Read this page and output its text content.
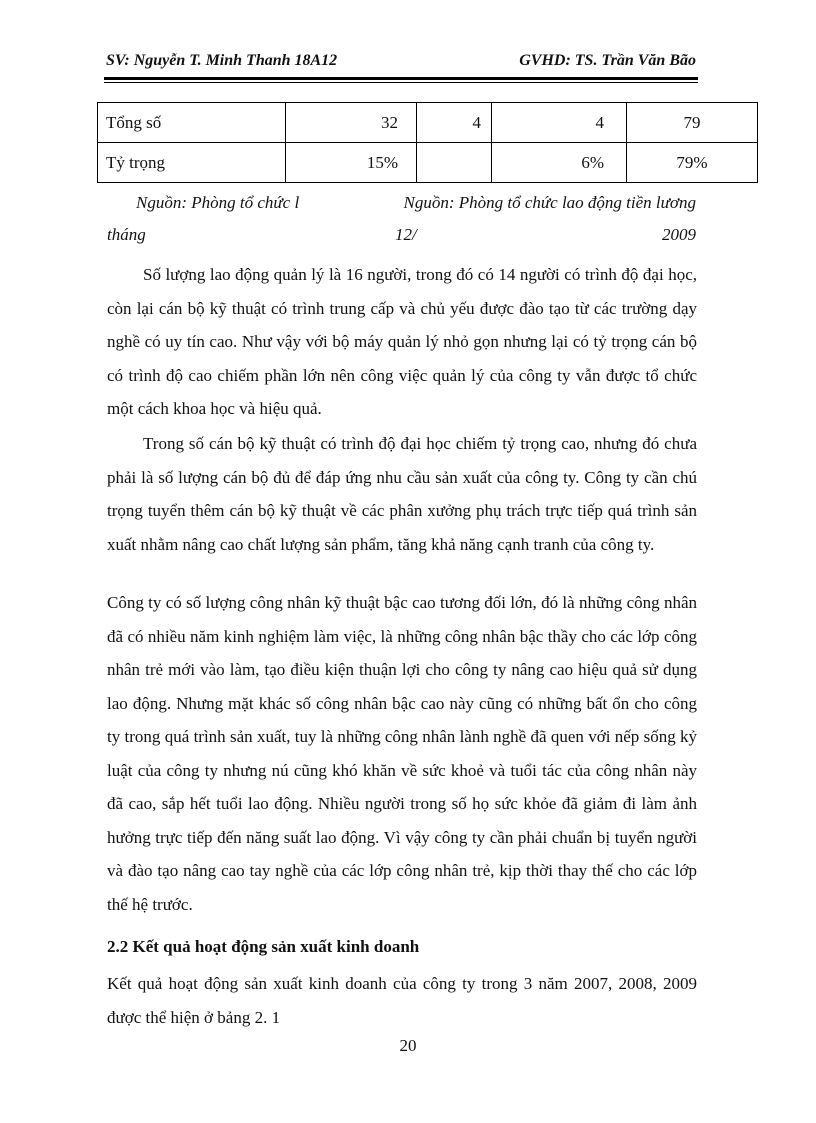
SV: Nguyễn T. Minh Thanh 18A12	GVHD: TS. Trần Văn Bão
Tổng số	32	4	4	79
Tỷ trọng	15%		6%	79%
Nguồn: Phòng tổ chức l	Nguồn: Phòng tổ chức lao động tiền lương
tháng	12/	2009

Số lượng lao động quản lý là 16 người, trong đó có 14 người có trình độ đại học, còn lại cán bộ kỹ thuật có trình trung cấp và chủ yếu được đào tạo từ các trường dạy nghề có uy tín cao. Như vậy với bộ máy quản lý nhỏ gọn nhưng lại có tỷ trọng cán bộ có trình độ cao chiếm phần lớn nên công việc quản lý của công ty vẫn được tổ chức một cách khoa học và hiệu quả.

Trong số cán bộ kỹ thuật có trình độ đại học chiếm tỷ trọng cao, nhưng đó chưa phải là số lượng cán bộ đủ để đáp ứng nhu cầu sản xuất của công ty. Công ty cần chú trọng tuyển thêm cán bộ kỹ thuật về các phân xưởng phụ trách trực tiếp quá trình sản xuất nhằm nâng cao chất lượng sản phẩm, tăng khả năng cạnh tranh của công ty.

Công ty có số lượng công nhân kỹ thuật bậc cao tương đối lớn, đó là những công nhân đã có nhiều năm kinh nghiệm làm việc, là những công nhân bậc thầy cho các lớp công nhân trẻ mới vào làm, tạo điều kiện thuận lợi cho công ty nâng cao hiệu quả sử dụng lao động. Nhưng mặt khác số công nhân bậc cao này cũng có những bất ổn cho công ty trong quá trình sản xuất, tuy là những công nhân lành nghề đã quen với nếp sống kỷ luật của công ty nhưng nú cũng khó khăn về sức khoẻ và tuổi tác của công nhân này đã cao, sắp hết tuổi lao động. Nhiều người trong số họ sức khỏe đã giảm đi làm ảnh hưởng trực tiếp đến năng suất lao động. Vì vậy công ty cần phải chuẩn bị tuyển người và đào tạo nâng cao tay nghề của các lớp công nhân trẻ, kịp thời thay thế cho các lớp thế hệ trước.

2.2 Kết quả hoạt động sản xuất kinh doanh

Kết quả hoạt động sản xuất kinh doanh của công ty trong 3 năm 2007, 2008, 2009 được thể hiện ở bảng 2. 1

20
